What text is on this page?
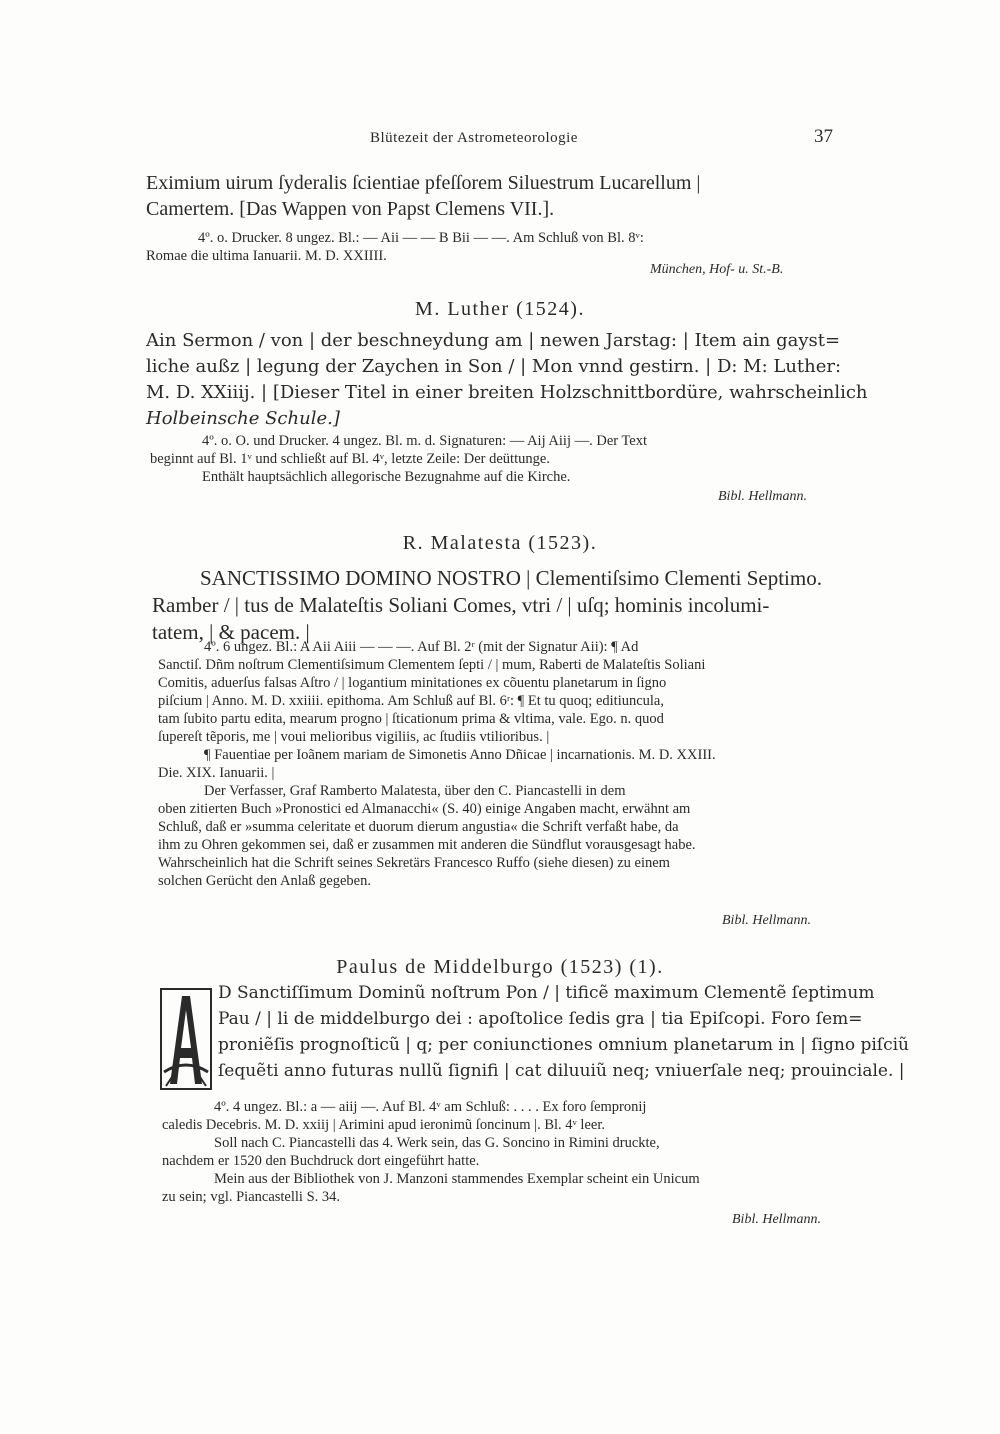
Blütezeit der Astrometeorologie	37
Eximium uirum ſyderalis ſcientiae pfeſſorem Siluestrum Lucarellum |
Camertem. [Das Wappen von Papst Clemens VII.].
4º. o. Drucker. 8 ungez. Bl.: — Aii — — B Bii — —. Am Schluß von Bl. 8ᵛ:
Romae die ultima Ianuarii. M. D. XXIIII.
München, Hof- u. St.-B.
M. Luther (1524).
Ain Sermon / von | der beschneydung am | newen Jarstag: | Item ain gayst=
liche außz | legung der Zaychen in Son / | Mon vnnd gestirn. | D: M: Luther:
M. D. XXiiij. | [Dieser Titel in einer breiten Holzschnittbordüre, wahrscheinlich
Holbeinsche Schule.]
4º. o. O. und Drucker. 4 ungez. Bl. m. d. Signaturen: — Aij Aiij —. Der Text
beginnt auf Bl. 1ᵛ und schließt auf Bl. 4ᵛ, letzte Zeile: Der deüttunge.
Enthält hauptsächlich allegorische Bezugnahme auf die Kirche.
Bibl. Hellmann.
R. Malatesta (1523).
SANCTISSIMO DOMINO NOSTRO | Clementiſsimo Clementi Septimo.
Ramber / | tus de Malateſtis Soliani Comes, vtri / | uſq; hominis incolumi-
tatem, | & pacem. |
4º. 6 ungez. Bl.: A Aii Aiii — — —. Auf Bl. 2ʳ (mit der Signatur Aii): ¶ Ad
Sanctiſ. Dñm noſtrum Clementiſsimum Clementem ſepti / | mum, Raberti de Malateſtis Soliani
Comitis, aduerſus falsas Aſtro / | logantium minitationes ex cõuentu planetarum in ſigno
piſcium | Anno. M. D. xxiiii. epithoma. Am Schluß auf Bl. 6ʳ: ¶ Et tu quoq; editiuncula,
tam ſubito partu edita, mearum progno | ſticationum prima & vltima, vale. Ego. n. quod
ſupereſt tẽporis, me | voui melioribus vigiliis, ac ſtudiis vtilioribus. |
¶ Fauentiae per Ioãnem mariam de Simonetis Anno Dñicae | incarnationis. M. D. XXIII.
Die. XIX. Ianuarii. |
Der Verfasser, Graf Ramberto Malatesta, über den C. Piancastelli in dem
oben zitierten Buch »Pronostici ed Almanacchi« (S. 40) einige Angaben macht, erwähnt am
Schluß, daß er »summa celeritate et duorum dierum angustia« die Schrift verfaßt habe, da
ihm zu Ohren gekommen sei, daß er zusammen mit anderen die Sündflut vorausgesagt habe.
Wahrscheinlich hat die Schrift seines Sekretärs Francesco Ruffo (siehe diesen) zu einem
solchen Gerücht den Anlaß gegeben.
Bibl. Hellmann.
Paulus de Middelburgo (1523) (1).
D Sanctiſſimum Dominũ noſtrum Pon / | tificẽ maximum Clementẽ ſeptimum
Pau / | li de middelburgo dei : apoſtolice ſedis gra | tia Epiſcopi. Foro ſem=
proniẽſis prognoſticũ | q; per coniunctiones omnium planetarum in | ſigno piſciũ
ſequẽti anno futuras nullũ ſignifi | cat diluuiũ neq; vniuerſale neq; prouinciale. |
4º. 4 ungez. Bl.: a — aiij —. Auf Bl. 4ᵛ am Schluß: . . . . Ex foro ſempronij
caledis Decebris. M. D. xxiij | Arimini apud ieronimũ ſoncinum |. Bl. 4ᵛ leer.
Soll nach C. Piancastelli das 4. Werk sein, das G. Soncino in Rimini druckte,
nachdem er 1520 den Buchdruck dort eingeführt hatte.
Mein aus der Bibliothek von J. Manzoni stammendes Exemplar scheint ein Unicum
zu sein; vgl. Piancastelli S. 34.
Bibl. Hellmann.
